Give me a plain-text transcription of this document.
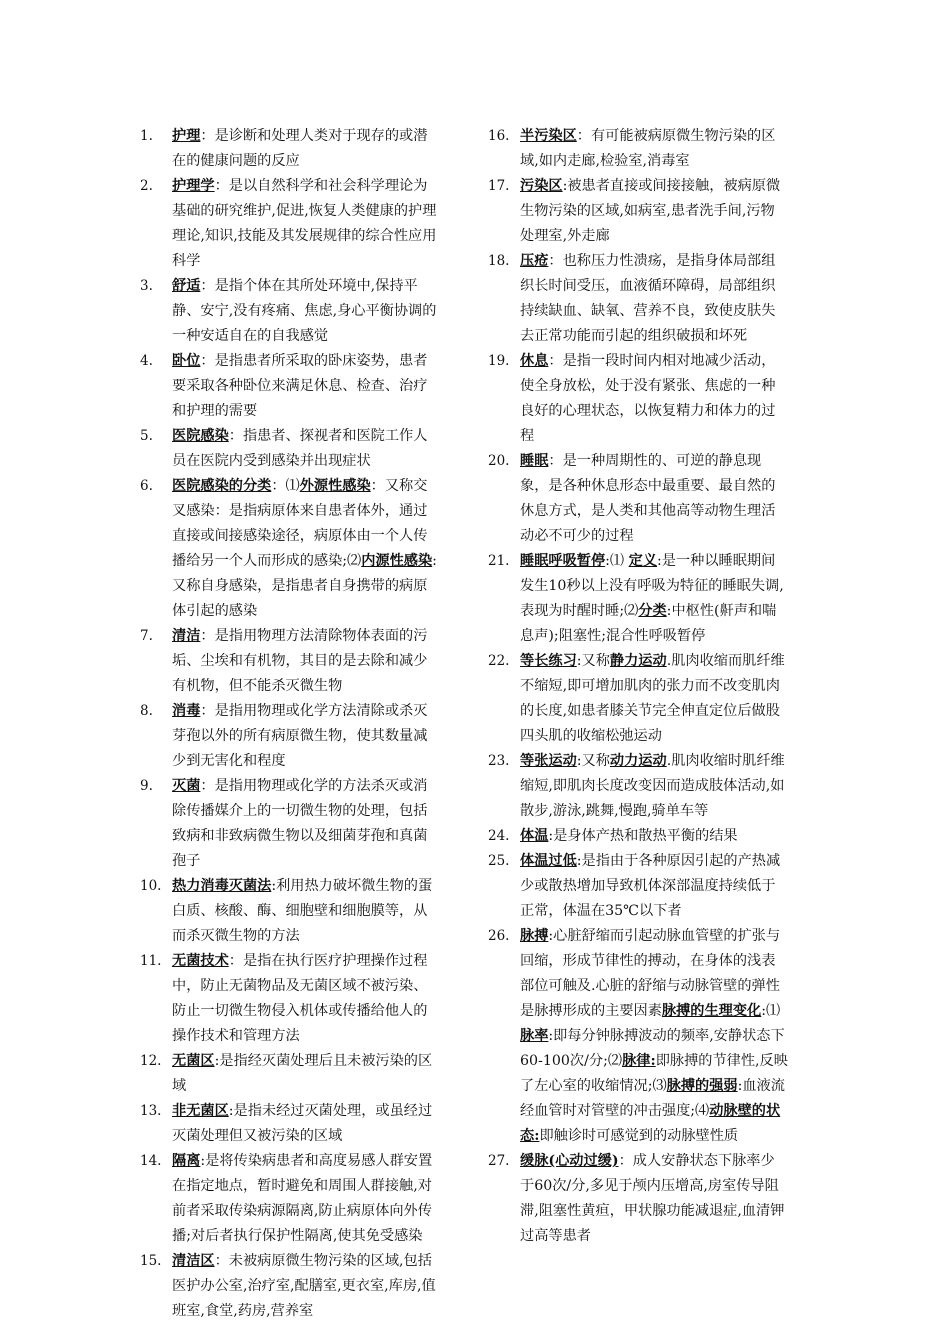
1.	护理：是诊断和处理人类对于现存的或潜在的健康问题的反应

2.	护理学：是以自然科学和社会科学理论为基础的研究维护,促进,恢复人类健康的护理理论,知识,技能及其发展规律的综合性应用科学

3.	舒适：是指个体在其所处环境中,保持平静、安宁,没有疼痛、焦虑,身心平衡协调的一种安适自在的自我感觉

4.	卧位：是指患者所采取的卧床姿势，患者要采取各种卧位来满足休息、检查、治疗和护理的需要

5.	医院感染：指患者、探视者和医院工作人员在医院内受到感染并出现症状

6.	医院感染的分类：⑴外源性感染：又称交叉感染：是指病原体来自患者体外，通过直接或间接感染途径，病原体由一个人传播给另一个人而形成的感染;⑵内源性感染:又称自身感染，是指患者自身携带的病原体引起的感染

7.	清洁：是指用物理方法清除物体表面的污垢、尘埃和有机物，其目的是去除和减少有机物，但不能杀灭微生物

8.	消毒：是指用物理或化学方法清除或杀灭芽孢以外的所有病原微生物，使其数量减少到无害化和程度

9.	灭菌：是指用物理或化学的方法杀灭或消除传播媒介上的一切微生物的处理，包括致病和非致病微生物以及细菌芽孢和真菌孢子

10. 热力消毒灭菌法:利用热力破坏微生物的蛋白质、核酸、酶、细胞壁和细胞膜等，从而杀灭微生物的方法

11. 无菌技术：是指在执行医疗护理操作过程中，防止无菌物品及无菌区域不被污染、防止一切微生物侵入机体或传播给他人的操作技术和管理方法

12. 无菌区:是指经灭菌处理后且未被污染的区域

13. 非无菌区:是指未经过灭菌处理，或虽经过灭菌处理但又被污染的区域

14. 隔离:是将传染病患者和高度易感人群安置在指定地点，暂时避免和周围人群接触,对前者采取传染病源隔离,防止病原体向外传播;对后者执行保护性隔离,使其免受感染

15. 清洁区：未被病原微生物污染的区域,包括医护办公室,治疗室,配膳室,更衣室,库房,值班室,食堂,药房,营养室

16. 半污染区：有可能被病原微生物污染的区域,如内走廊,检验室,消毒室

17. 污染区:被患者直接或间接接触，被病原微生物污染的区域,如病室,患者洗手间,污物处理室,外走廊

18. 压疮：也称压力性溃疡，是指身体局部组织长时间受压，血液循环障碍，局部组织持续缺血、缺氧、营养不良，致使皮肤失去正常功能而引起的组织破损和坏死

19. 休息：是指一段时间内相对地减少活动，使全身放松，处于没有紧张、焦虑的一种良好的心理状态，以恢复精力和体力的过程

20. 睡眠：是一种周期性的、可逆的静息现象，是各种休息形态中最重要、最自然的休息方式，是人类和其他高等动物生理活动必不可少的过程

21. 睡眠呼吸暂停:⑴ 定义:是一种以睡眠期间发生10秒以上没有呼吸为特征的睡眠失调,表现为时醒时睡;⑵分类:中枢性(鼾声和喘息声);阻塞性;混合性呼吸暂停

22. 等长练习:又称静力运动.肌肉收缩而肌纤维不缩短,即可增加肌肉的张力而不改变肌肉的长度,如患者膝关节完全伸直定位后做股四头肌的收缩松弛运动

23. 等张运动:又称动力运动.肌肉收缩时肌纤维缩短,即肌肉长度改变因而造成肢体活动,如散步,游泳,跳舞,慢跑,骑单车等

24. 体温:是身体产热和散热平衡的结果

25. 体温过低:是指由于各种原因引起的产热减少或散热增加导致机体深部温度持续低于正常，体温在35℃以下者

26. 脉搏:心脏舒缩而引起动脉血管壁的扩张与回缩，形成节律性的搏动，在身体的浅表部位可触及.心脏的舒缩与动脉管壁的弹性是脉搏形成的主要因素脉搏的生理变化:⑴脉率:即每分钟脉搏波动的频率,安静状态下60-100次/分;⑵脉律:即脉搏的节律性,反映了左心室的收缩情况;⑶脉搏的强弱:血液流经血管时对管壁的冲击强度;⑷动脉壁的状态:即触诊时可感觉到的动脉壁性质

27. 缓脉(心动过缓)：成人安静状态下脉率少于60次/分,多见于颅内压增高,房室传导阻滞,阻塞性黄疸，甲状腺功能减退症,血清钾过高等患者
